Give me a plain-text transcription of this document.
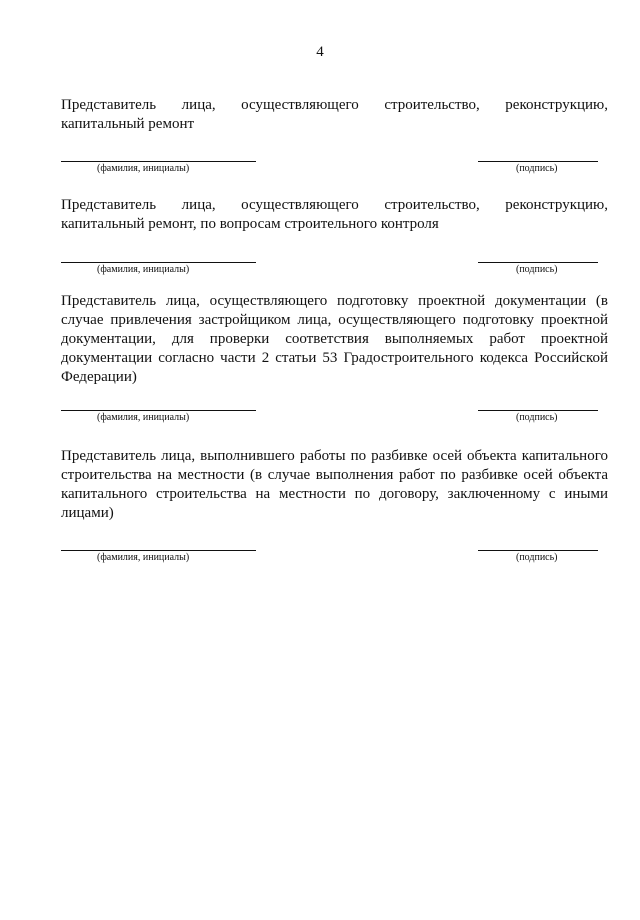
4

Представитель лица, осуществляющего строительство, реконструкцию, капитальный ремонт

(фамилия, инициалы)	(подпись)

Представитель лица, осуществляющего строительство, реконструкцию, капитальный ремонт, по вопросам строительного контроля

(фамилия, инициалы)	(подпись)

Представитель лица, осуществляющего подготовку проектной документации (в случае привлечения застройщиком лица, осуществляющего подготовку проектной документации, для проверки соответствия выполняемых работ проектной документации согласно части 2 статьи 53 Градостроительного кодекса Российской Федерации)

(фамилия, инициалы)	(подпись)

Представитель лица, выполнившего работы по разбивке осей объекта капитального строительства на местности (в случае выполнения работ по разбивке осей объекта капитального строительства на местности по договору, заключенному с иными лицами)

(фамилия, инициалы)	(подпись)
